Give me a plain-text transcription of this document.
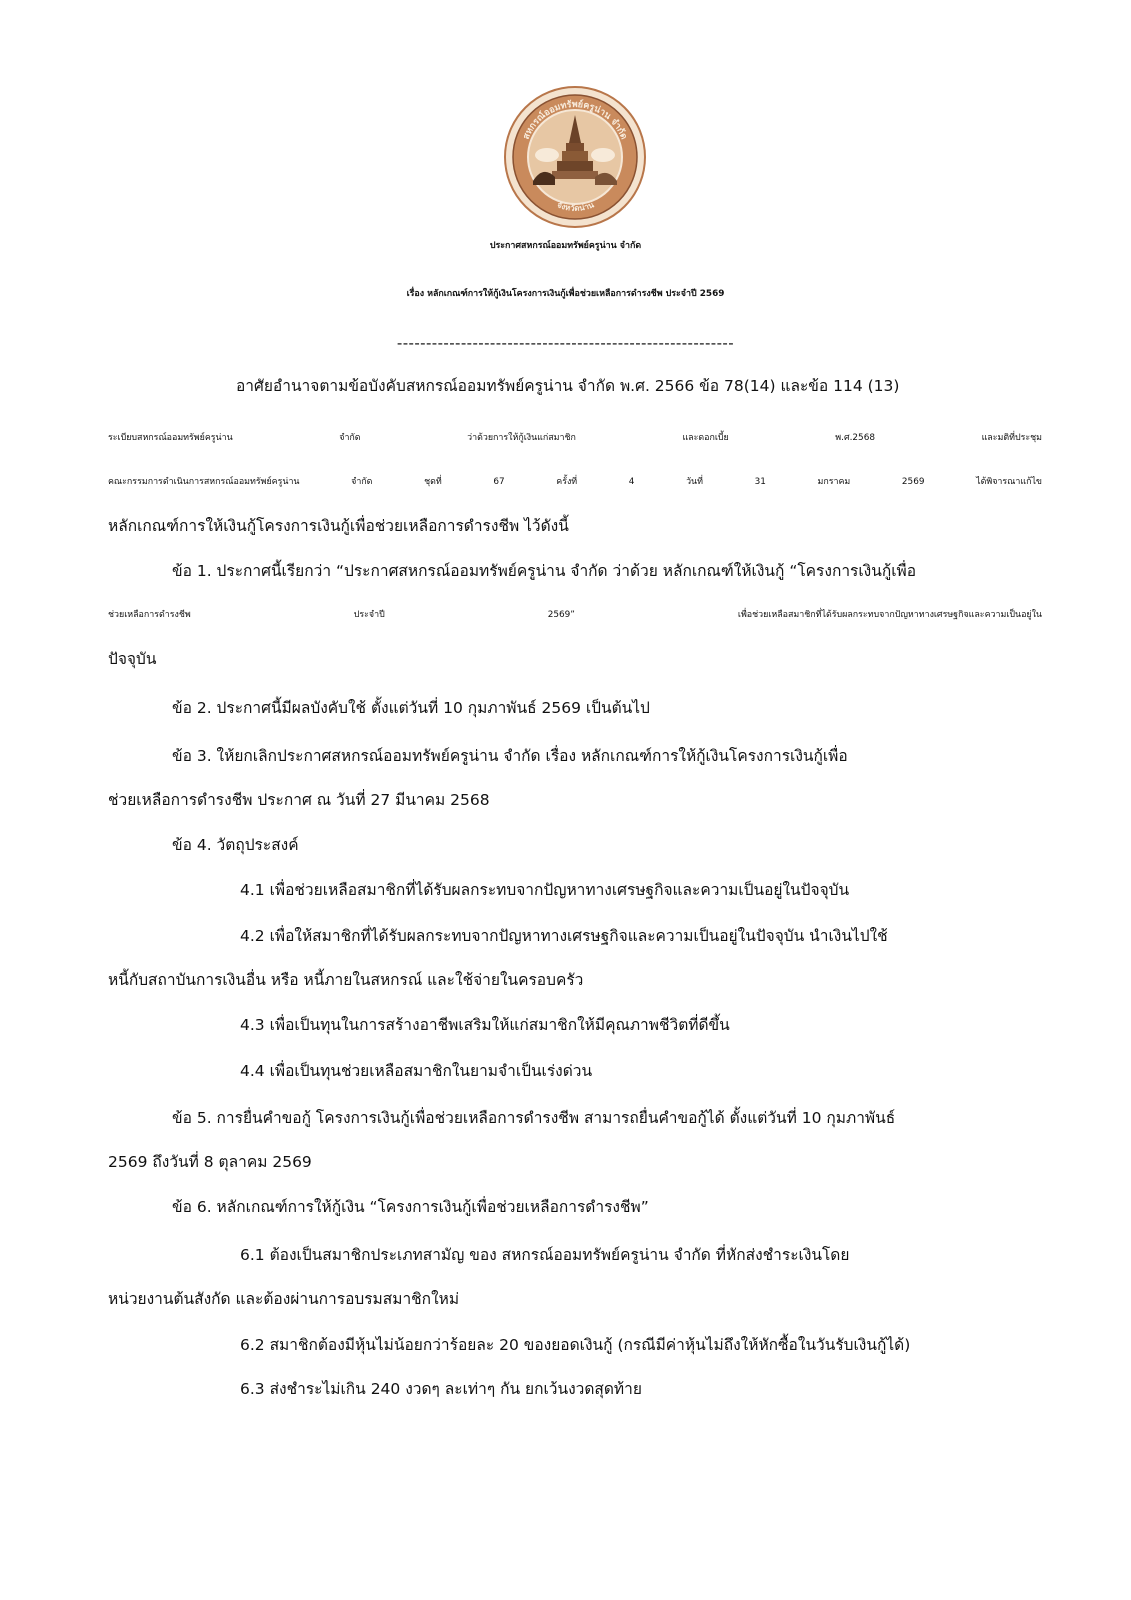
สหกรณ์ออมทรัพย์ครูน่าน จำกัด
จังหวัดน่าน
ประกาศสหกรณ์ออมทรัพย์ครูน่าน จำกัด
เรื่อง หลักเกณฑ์การให้กู้เงินโครงการเงินกู้เพื่อช่วยเหลือการดำรงชีพ ประจำปี 2569
----------------------------------------------------------
อาศัยอำนาจตามข้อบังคับสหกรณ์ออมทรัพย์ครูน่าน จำกัด พ.ศ. 2566 ข้อ 78(14) และข้อ 114 (13)
ระเบียบสหกรณ์ออมทรัพย์ครูน่าน จำกัด ว่าด้วยการให้กู้เงินแก่สมาชิก และดอกเบี้ย พ.ศ.2568 และมติที่ประชุม
คณะกรรมการดำเนินการสหกรณ์ออมทรัพย์ครูน่าน จำกัด ชุดที่ 67 ครั้งที่ 4 วันที่ 31 มกราคม 2569 ได้พิจารณาแก้ไข
หลักเกณฑ์การให้เงินกู้โครงการเงินกู้เพื่อช่วยเหลือการดำรงชีพ ไว้ดังนี้
ข้อ 1. ประกาศนี้เรียกว่า “ประกาศสหกรณ์ออมทรัพย์ครูน่าน จำกัด ว่าด้วย หลักเกณฑ์ให้เงินกู้ “โครงการเงินกู้เพื่อ
ช่วยเหลือการดำรงชีพ ประจำปี 2569” เพื่อช่วยเหลือสมาชิกที่ได้รับผลกระทบจากปัญหาทางเศรษฐกิจและความเป็นอยู่ใน
ปัจจุบัน
ข้อ 2. ประกาศนี้มีผลบังคับใช้ ตั้งแต่วันที่ 10 กุมภาพันธ์ 2569 เป็นต้นไป
ข้อ 3. ให้ยกเลิกประกาศสหกรณ์ออมทรัพย์ครูน่าน จำกัด เรื่อง หลักเกณฑ์การให้กู้เงินโครงการเงินกู้เพื่อ
ช่วยเหลือการดำรงชีพ ประกาศ ณ วันที่ 27 มีนาคม 2568
ข้อ 4. วัตถุประสงค์
4.1 เพื่อช่วยเหลือสมาชิกที่ได้รับผลกระทบจากปัญหาทางเศรษฐกิจและความเป็นอยู่ในปัจจุบัน
4.2 เพื่อให้สมาชิกที่ได้รับผลกระทบจากปัญหาทางเศรษฐกิจและความเป็นอยู่ในปัจจุบัน นำเงินไปใช้
หนี้กับสถาบันการเงินอื่น หรือ หนี้ภายในสหกรณ์ และใช้จ่ายในครอบครัว
4.3 เพื่อเป็นทุนในการสร้างอาชีพเสริมให้แก่สมาชิกให้มีคุณภาพชีวิตที่ดีขึ้น
4.4 เพื่อเป็นทุนช่วยเหลือสมาชิกในยามจำเป็นเร่งด่วน
ข้อ 5. การยื่นคำขอกู้ โครงการเงินกู้เพื่อช่วยเหลือการดำรงชีพ สามารถยื่นคำขอกู้ได้ ตั้งแต่วันที่ 10 กุมภาพันธ์
2569 ถึงวันที่ 8 ตุลาคม 2569
ข้อ 6. หลักเกณฑ์การให้กู้เงิน “โครงการเงินกู้เพื่อช่วยเหลือการดำรงชีพ”
6.1 ต้องเป็นสมาชิกประเภทสามัญ ของ สหกรณ์ออมทรัพย์ครูน่าน จำกัด ที่หักส่งชำระเงินโดย
หน่วยงานต้นสังกัด และต้องผ่านการอบรมสมาชิกใหม่
6.2 สมาชิกต้องมีหุ้นไม่น้อยกว่าร้อยละ 20 ของยอดเงินกู้ (กรณีมีค่าหุ้นไม่ถึงให้หักซื้อในวันรับเงินกู้ได้)
6.3 ส่งชำระไม่เกิน 240 งวดๆ ละเท่าๆ กัน ยกเว้นงวดสุดท้าย
